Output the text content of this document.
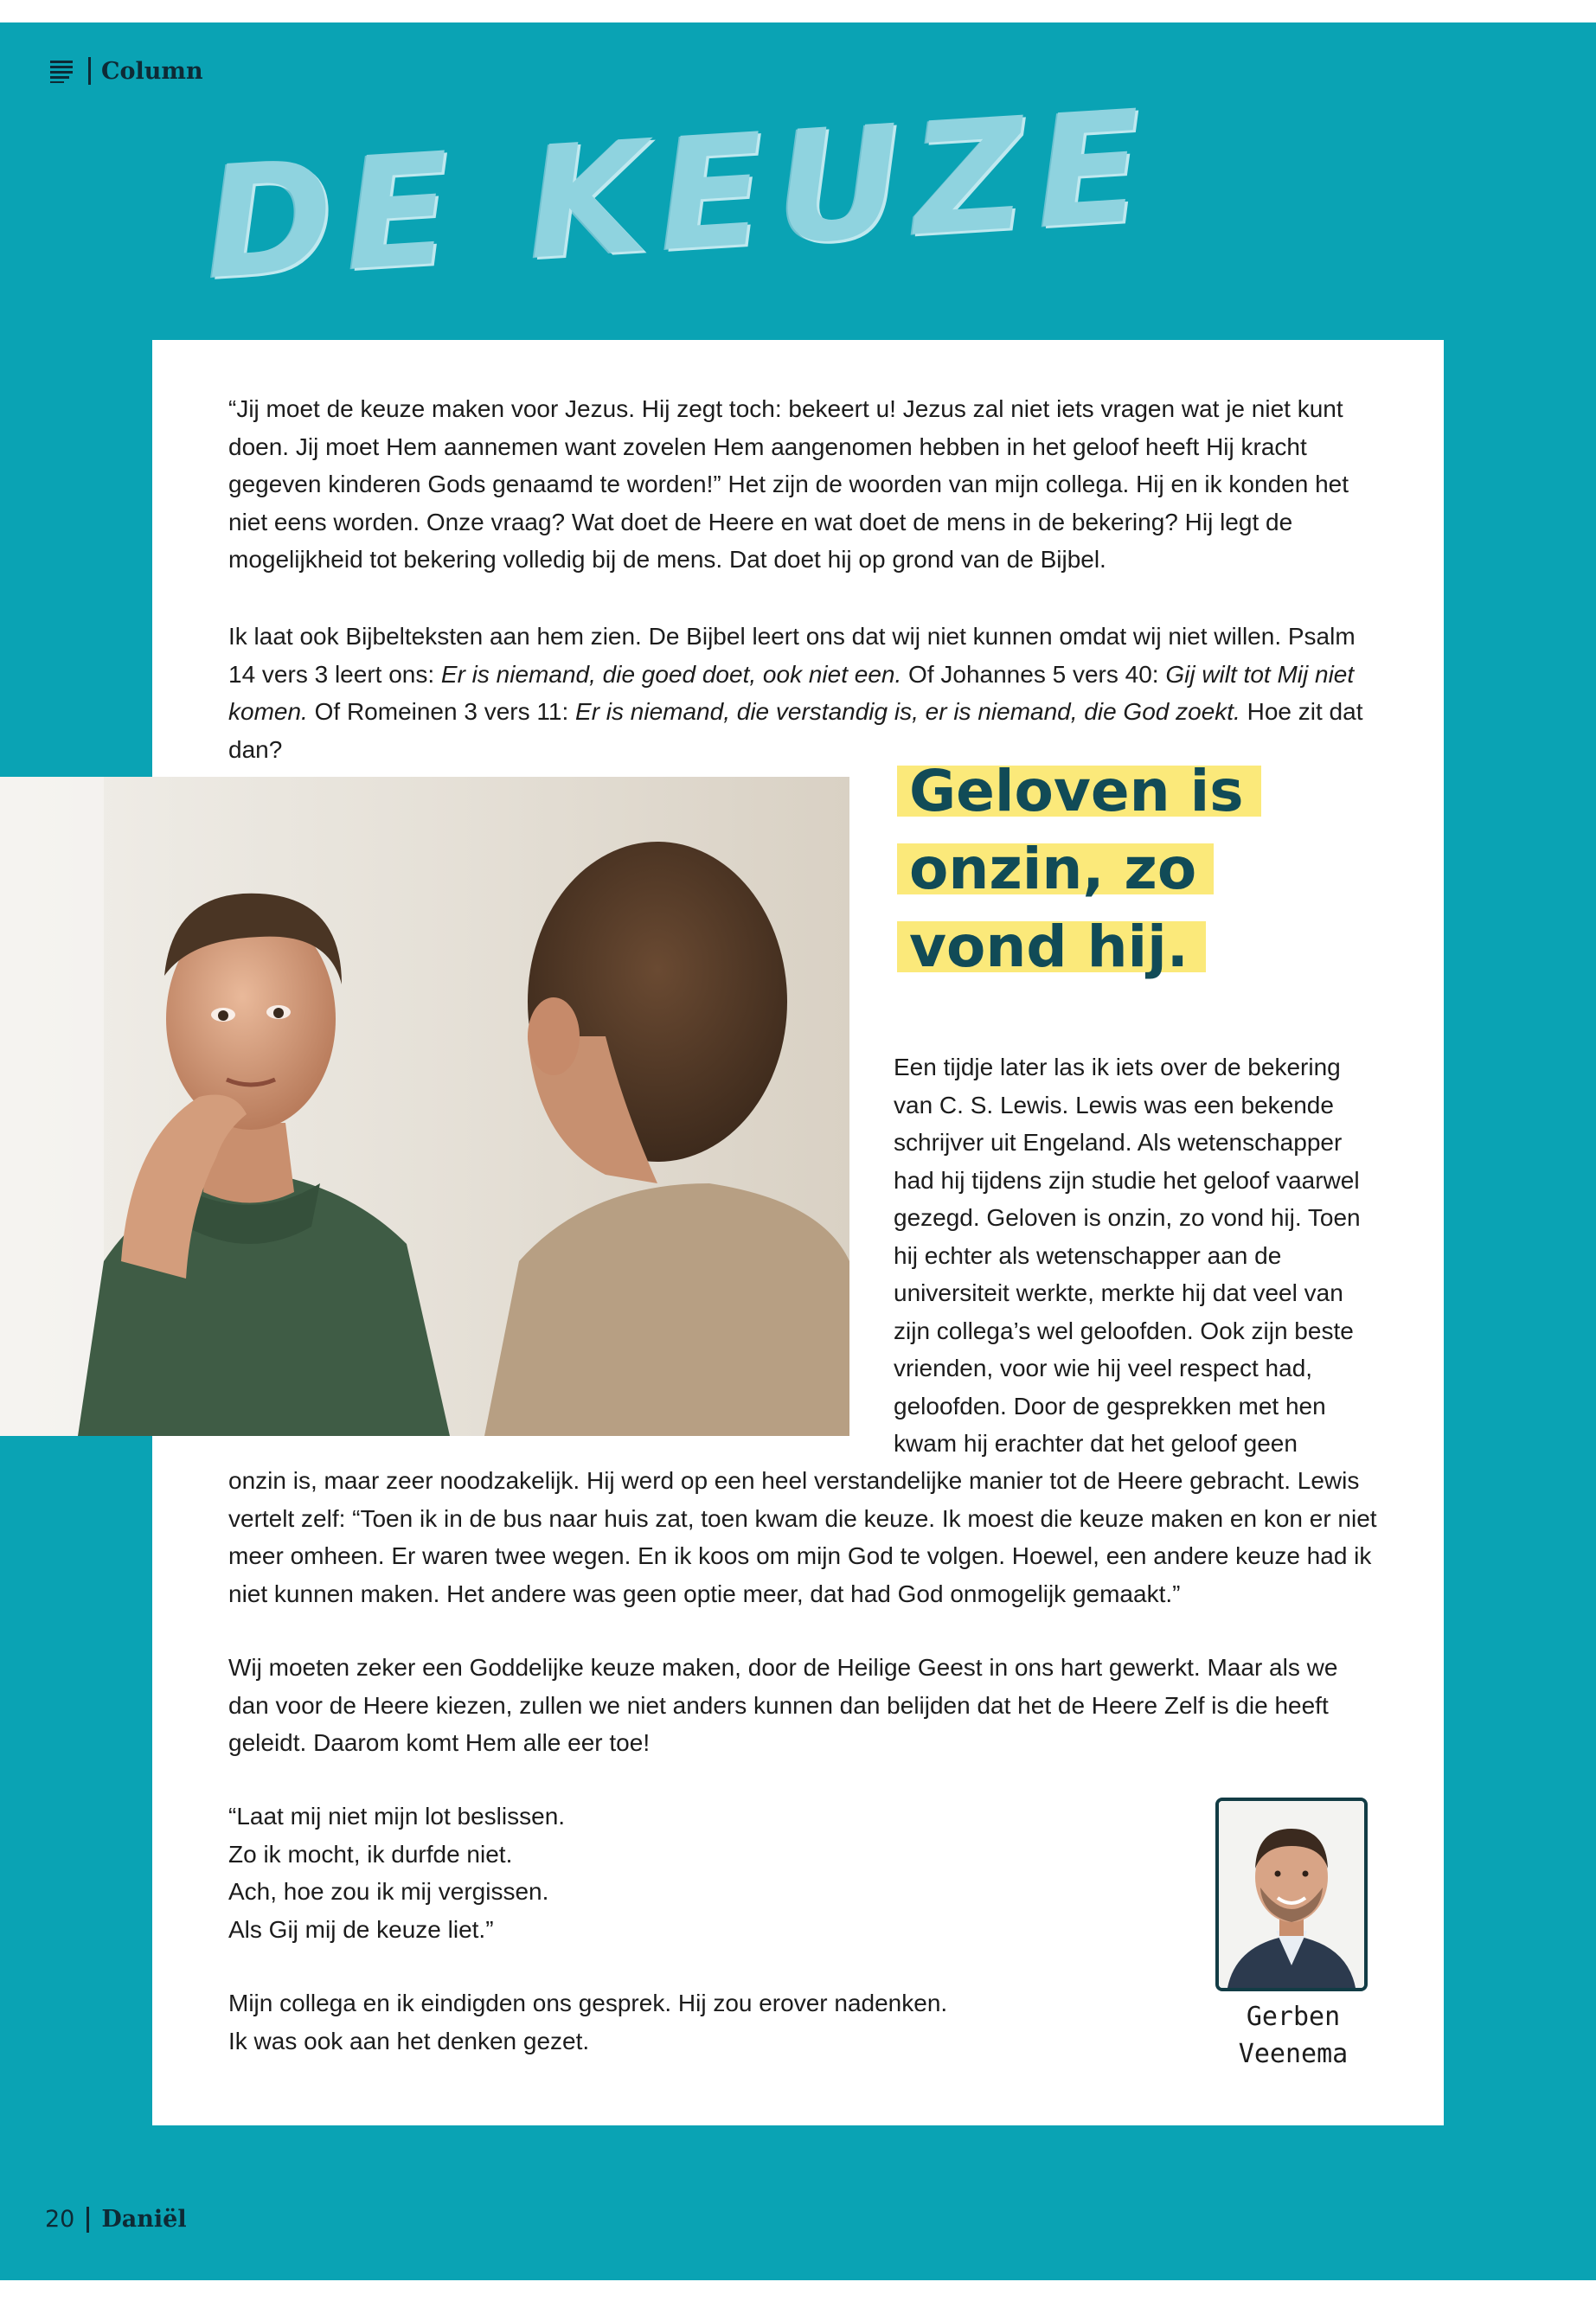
Column
DE KEUZE

“Jij moet de keuze maken voor Jezus. Hij zegt toch: bekeert u! Jezus zal niet iets vragen wat je niet kunt doen. Jij moet Hem aannemen want zovelen Hem aangenomen hebben in het geloof heeft Hij kracht gegeven kinderen Gods genaamd te worden!” Het zijn de woorden van mijn collega. Hij en ik konden het niet eens worden. Onze vraag? Wat doet de Heere en wat doet de mens in de bekering? Hij legt de mogelijkheid tot bekering volledig bij de mens. Dat doet hij op grond van de Bijbel.

Ik laat ook Bijbelteksten aan hem zien. De Bijbel leert ons dat wij niet kunnen omdat wij niet willen. Psalm 14 vers 3 leert ons: Er is niemand, die goed doet, ook niet een. Of Johannes 5 vers 40: Gij wilt tot Mij niet komen. Of Romeinen 3 vers 11: Er is niemand, die verstandig is, er is niemand, die God zoekt. Hoe zit dat dan?

Geloven is
onzin, zo
vond hij.

Een tijdje later las ik iets over de bekering van C. S. Lewis. Lewis was een bekende schrijver uit Engeland. Als wetenschapper had hij tijdens zijn studie het geloof vaarwel gezegd. Geloven is onzin, zo vond hij. Toen hij echter als wetenschapper aan de universiteit werkte, merkte hij dat veel van zijn collega’s wel geloofden. Ook zijn beste vrienden, voor wie hij veel respect had, geloofden. Door de gesprekken met hen kwam hij erachter dat het geloof geen

onzin is, maar zeer noodzakelijk. Hij werd op een heel verstandelijke manier tot de Heere gebracht. Lewis vertelt zelf: “Toen ik in de bus naar huis zat, toen kwam die keuze. Ik moest die keuze maken en kon er niet meer omheen. Er waren twee wegen. En ik koos om mijn God te volgen. Hoewel, een andere keuze had ik niet kunnen maken. Het andere was geen optie meer, dat had God onmogelijk gemaakt.”

Wij moeten zeker een Goddelijke keuze maken, door de Heilige Geest in ons hart gewerkt. Maar als we dan voor de Heere kiezen, zullen we niet anders kunnen dan belijden dat het de Heere Zelf is die heeft geleidt. Daarom komt Hem alle eer toe!

“Laat mij niet mijn lot beslissen.

Zo ik mocht, ik durfde niet.

Ach, hoe zou ik mij vergissen.

Als Gij mij de keuze liet.”

Mijn collega en ik eindigden ons gesprek. Hij zou erover nadenken.

Ik was ook aan het denken gezet.

Gerben
Veenema
20 Daniël
